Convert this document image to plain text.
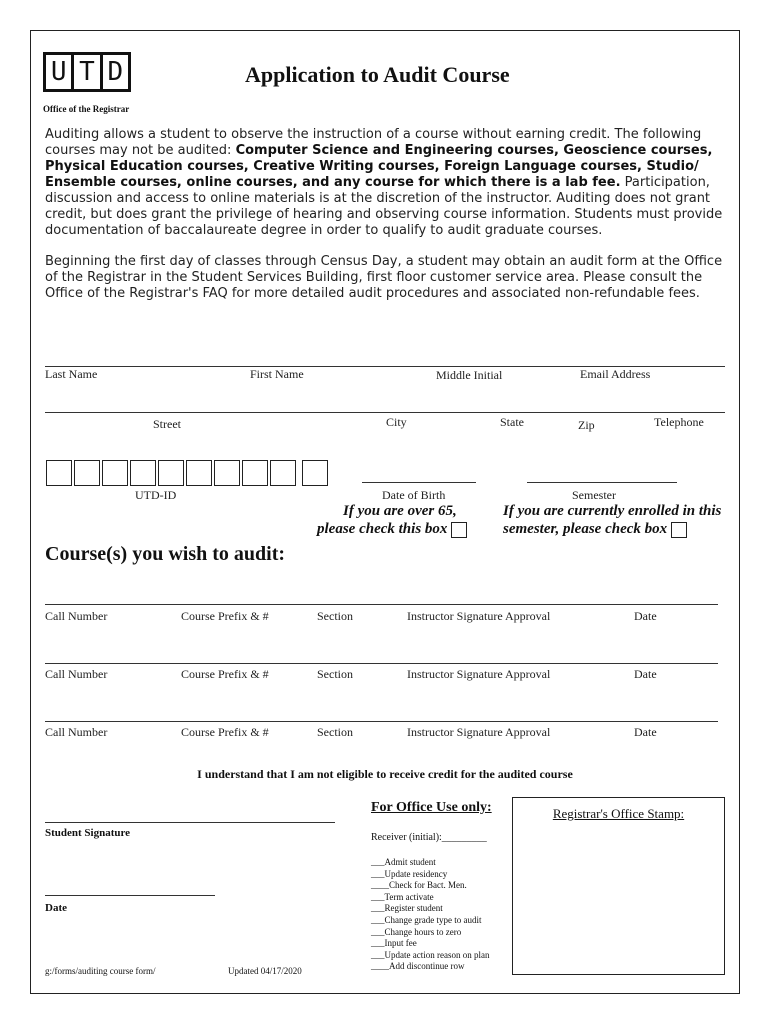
U T D
Office of the Registrar
Application to Audit Course
Auditing allows a student to observe the instruction of a course without earning credit. The following courses may not be audited: Computer Science and Engineering courses, Geoscience courses, Physical Education courses, Creative Writing courses, Foreign Language courses, Studio/ Ensemble courses, online courses, and any course for which there is a lab fee. Participation, discussion and access to online materials is at the discretion of the instructor. Auditing does not grant credit, but does grant the privilege of hearing and observing course information. Students must provide documentation of baccalaureate degree in order to qualify to audit graduate courses.
Beginning the first day of classes through Census Day, a student may obtain an audit form at the Office of the Registrar in the Student Services Building, first floor customer service area. Please consult the Office of the Registrar's FAQ for more detailed audit procedures and associated non-refundable fees.
Last Name	First Name	Middle Initial	Email Address
Street	City	State	Zip	Telephone
UTD-ID	Date of Birth	Semester
If you are over 65,
please check this box
If you are currently enrolled in this
semester, please check box
Course(s) you wish to audit:
Call Number	Course Prefix & #	Section	Instructor Signature Approval	Date
Call Number	Course Prefix & #	Section	Instructor Signature Approval	Date
Call Number	Course Prefix & #	Section	Instructor Signature Approval	Date
I understand that I am not eligible to receive credit for the audited course
Student Signature
Date
For Office Use only:
Receiver (initial):_________
___Admit student
___Update residency
____Check for Bact. Men.
___Term activate
___Register student
___Change grade type to audit
___Change hours to zero
___Input fee
___Update action reason on plan
____Add discontinue row
Registrar's Office Stamp:
g:/forms/auditing course form/	Updated 04/17/2020
